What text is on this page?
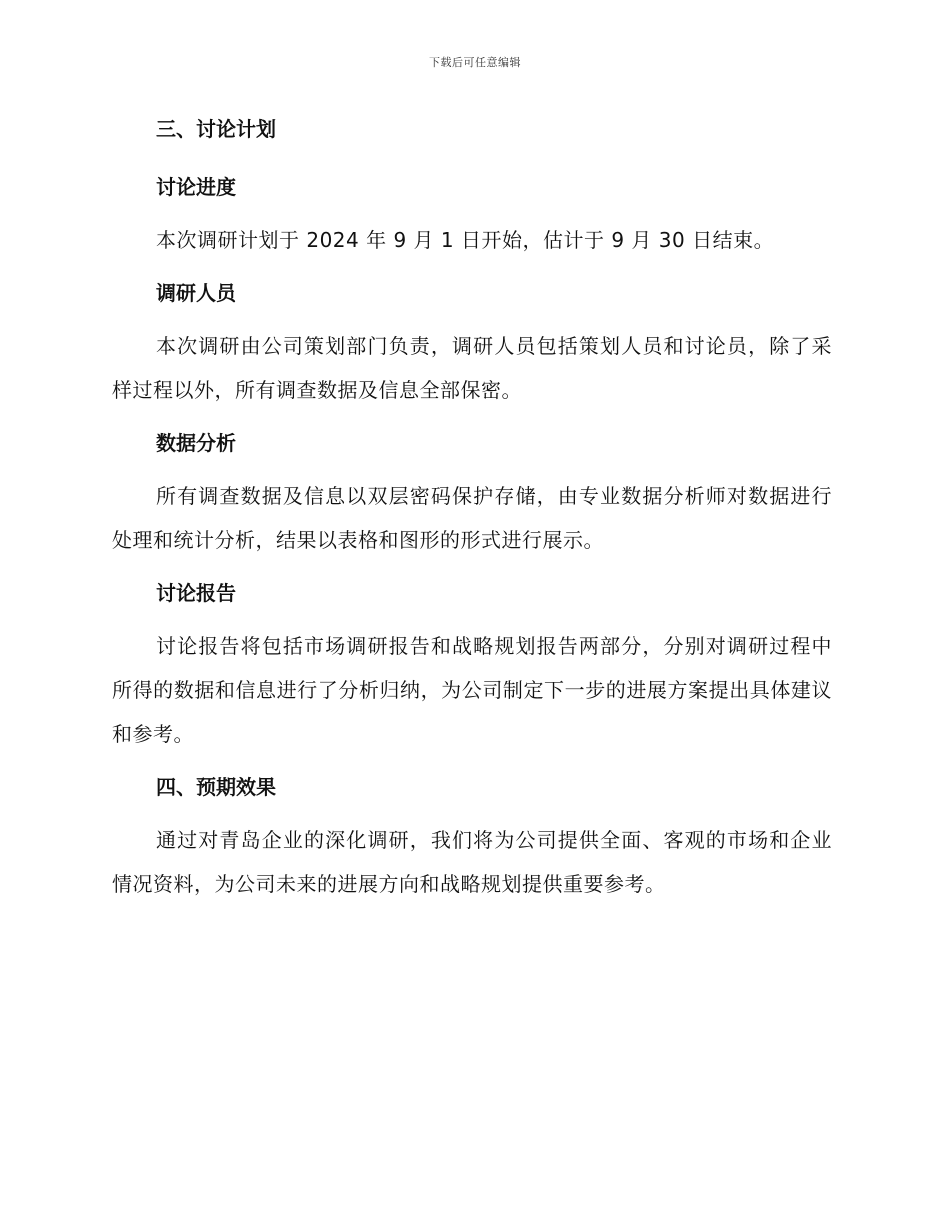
下载后可任意编辑
三、讨论计划
讨论进度

本次调研计划于 2024 年 9 月 1 日开始，估计于 9 月 30 日结束。

调研人员

本次调研由公司策划部门负责，调研人员包括策划人员和讨论员，除了采样过程以外，所有调查数据及信息全部保密。

数据分析

所有调查数据及信息以双层密码保护存储，由专业数据分析师对数据进行处理和统计分析，结果以表格和图形的形式进行展示。

讨论报告

讨论报告将包括市场调研报告和战略规划报告两部分，分别对调研过程中所得的数据和信息进行了分析归纳，为公司制定下一步的进展方案提出具体建议和参考。

四、预期效果

通过对青岛企业的深化调研，我们将为公司提供全面、客观的市场和企业情况资料，为公司未来的进展方向和战略规划提供重要参考。
